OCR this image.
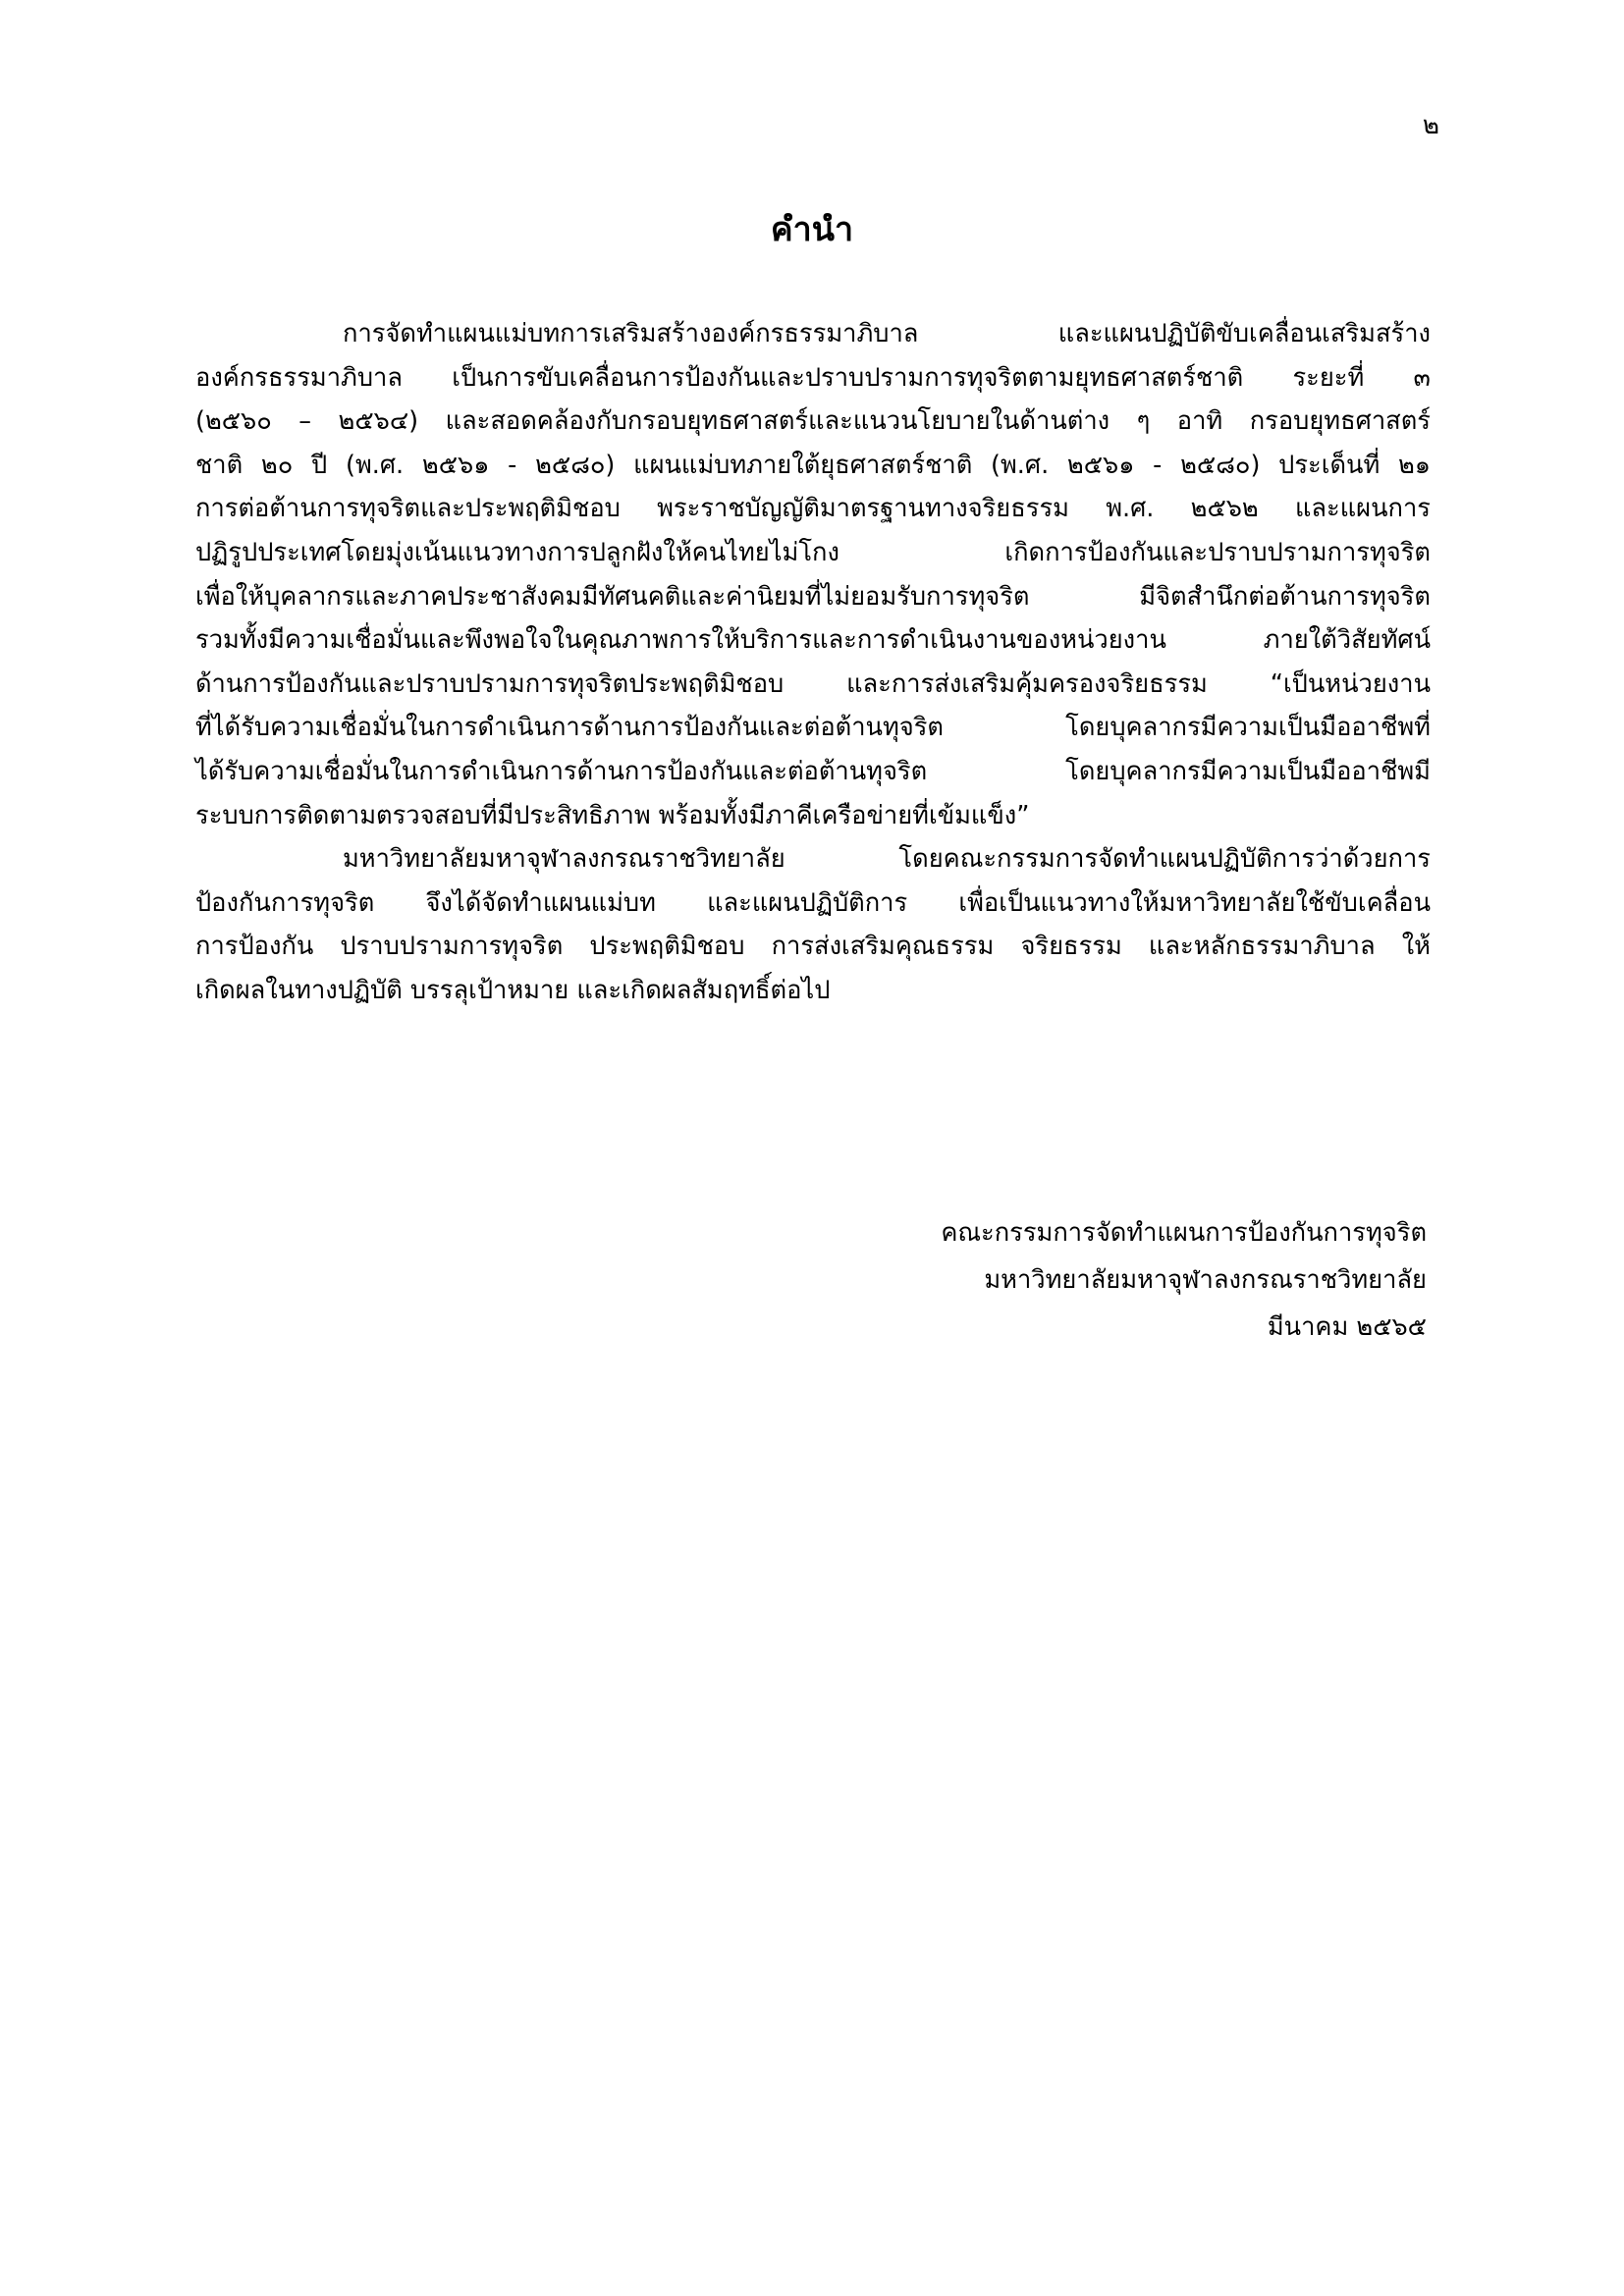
๒
คำนำ
การจัดทำแผนแม่บทการเสริมสร้างองค์กรธรรมาภิบาล และแผนปฏิบัติขับเคลื่อนเสริมสร้าง
องค์กรธรรมาภิบาล เป็นการขับเคลื่อนการป้องกันและปราบปรามการทุจริตตามยุทธศาสตร์ชาติ ระยะที่ ๓
(๒๕๖๐ – ๒๕๖๔) และสอดคล้องกับกรอบยุทธศาสตร์และแนวนโยบายในด้านต่าง ๆ อาทิ กรอบยุทธศาสตร์
ชาติ ๒๐ ปี (พ.ศ. ๒๕๖๑ - ๒๕๘๐) แผนแม่บทภายใต้ยุธศาสตร์ชาติ (พ.ศ. ๒๕๖๑ - ๒๕๘๐) ประเด็นที่ ๒๑
การต่อต้านการทุจริตและประพฤติมิชอบ พระราชบัญญัติมาตรฐานทางจริยธรรม พ.ศ. ๒๕๖๒ และแผนการ
ปฏิรูปประเทศโดยมุ่งเน้นแนวทางการปลูกฝังให้คนไทยไม่โกง เกิดการป้องกันและปราบปรามการทุจริต
เพื่อให้บุคลากรและภาคประชาสังคมมีทัศนคติและค่านิยมที่ไม่ยอมรับการทุจริต มีจิตสำนึกต่อต้านการทุจริต
รวมทั้งมีความเชื่อมั่นและพึงพอใจในคุณภาพการให้บริการและการดำเนินงานของหน่วยงาน ภายใต้วิสัยทัศน์
ด้านการป้องกันและปราบปรามการทุจริตประพฤติมิชอบ และการส่งเสริมคุ้มครองจริยธรรม “เป็นหน่วยงาน
ที่ได้รับความเชื่อมั่นในการดำเนินการด้านการป้องกันและต่อต้านทุจริต โดยบุคลากรมีความเป็นมืออาชีพที่
ได้รับความเชื่อมั่นในการดำเนินการด้านการป้องกันและต่อต้านทุจริต โดยบุคลากรมีความเป็นมืออาชีพมี
ระบบการติดตามตรวจสอบที่มีประสิทธิภาพ พร้อมทั้งมีภาคีเครือข่ายที่เข้มแข็ง”
มหาวิทยาลัยมหาจุฬาลงกรณราชวิทยาลัย โดยคณะกรรมการจัดทำแผนปฏิบัติการว่าด้วยการ
ป้องกันการทุจริต จึงได้จัดทำแผนแม่บท และแผนปฏิบัติการ เพื่อเป็นแนวทางให้มหาวิทยาลัยใช้ขับเคลื่อน
การป้องกัน ปราบปรามการทุจริต ประพฤติมิชอบ การส่งเสริมคุณธรรม จริยธรรม และหลักธรรมาภิบาล ให้
เกิดผลในทางปฏิบัติ บรรลุเป้าหมาย และเกิดผลสัมฤทธิ์ต่อไป
คณะกรรมการจัดทำแผนการป้องกันการทุจริต
มหาวิทยาลัยมหาจุฬาลงกรณราชวิทยาลัย
มีนาคม ๒๕๖๕
